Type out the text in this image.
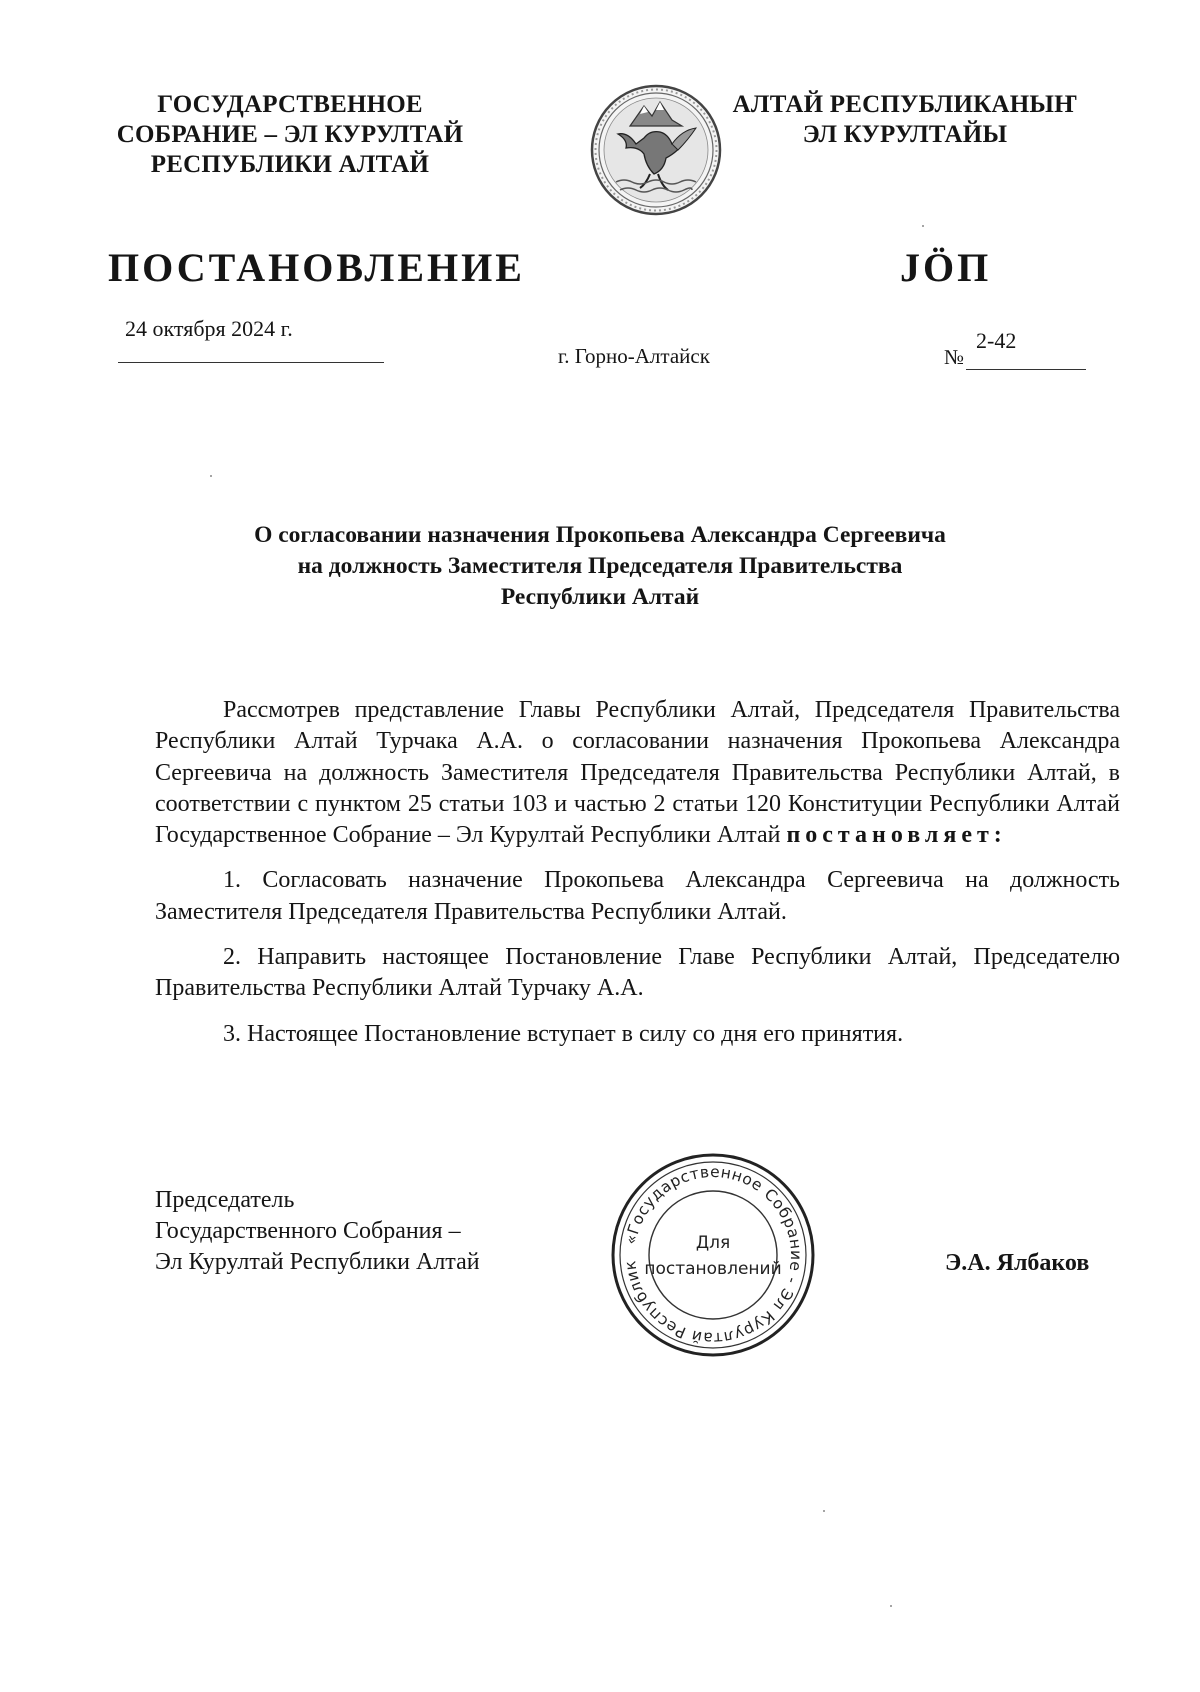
ГОСУДАРСТВЕННОЕ
СОБРАНИЕ – ЭЛ КУРУЛТАЙ
РЕСПУБЛИКИ АЛТАЙ
АЛТАЙ РЕСПУБЛИКАНЫҤ
ЭЛ КУРУЛТАЙЫ
ПОСТАНОВЛЕНИЕ	JÖП
24 октября 2024 г.
г. Горно-Алтайск	№
2-42
О согласовании назначения Прокопьева Александра Сергеевича
на должность Заместителя Председателя Правительства
Республики Алтай

Рассмотрев представление Главы Республики Алтай, Председателя Правительства Республики Алтай Турчака А.А. о согласовании назначения Прокопьева Александра Сергеевича на должность Заместителя Председателя Правительства Республики Алтай, в соответствии с пунктом 25 статьи 103 и частью 2 статьи 120 Конституции Республики Алтай Государственное Собрание – Эл Курултай Республики Алтай постановляет:

1. Согласовать назначение Прокопьева Александра Сергеевича на должность Заместителя Председателя Правительства Республики Алтай.

2. Направить настоящее Постановление Главе Республики Алтай, Председателю Правительства Республики Алтай Турчаку А.А.

3. Настоящее Постановление вступает в силу со дня его принятия.

Председатель
Государственного Собрания –
Эл Курултай Республики Алтай	Э.А. Ялбаков
«Государственное Собрание - Эл Курултай Республик
Для
постановлений
